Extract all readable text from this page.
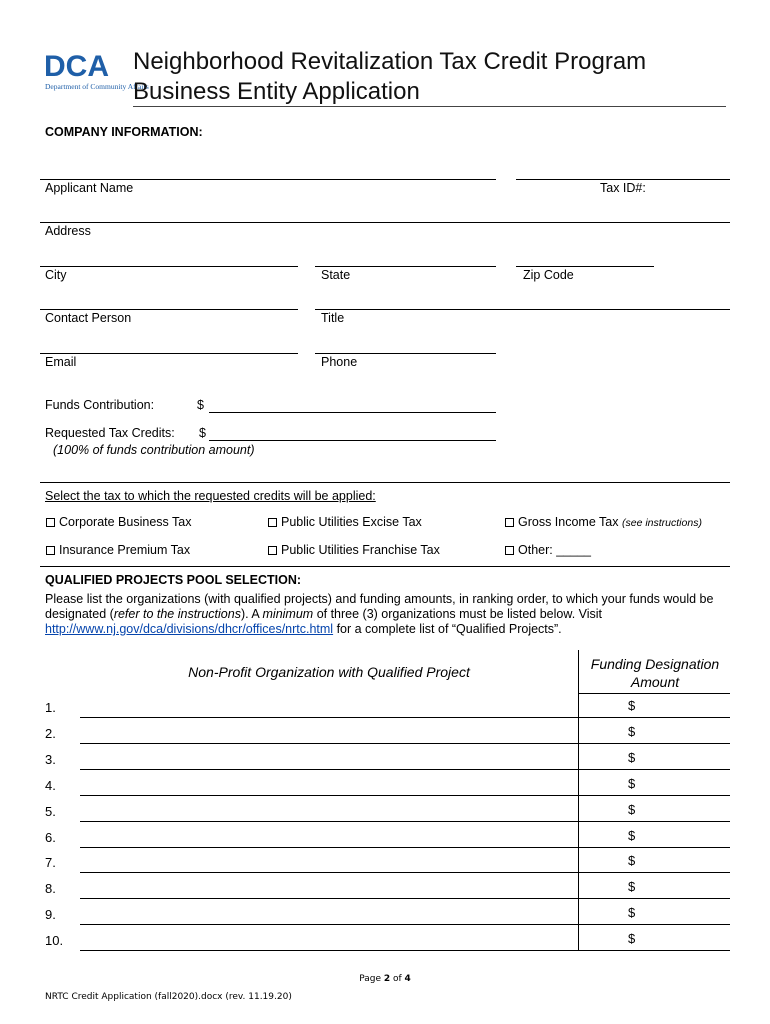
DCA
Department of Community Affairs
Neighborhood Revitalization Tax Credit Program
Business Entity Application
COMPANY INFORMATION:
Applicant Name	Tax ID#:
Address
City	State	Zip Code
Contact Person	Title
Email	Phone
Funds Contribution:	$
Requested Tax Credits: $
(100% of funds contribution amount)
Select the tax to which the requested credits will be applied:
Corporate Business Tax	Public Utilities Excise Tax	Gross Income Tax (see instructions)
Insurance Premium Tax	Public Utilities Franchise Tax	Other: _____
QUALIFIED PROJECTS POOL SELECTION:
Please list the organizations (with qualified projects) and funding amounts, in ranking order, to which your funds would be
designated (refer to the instructions). A minimum of three (3) organizations must be listed below. Visit
http://www.nj.gov/dca/divisions/dhcr/offices/nrtc.html for a complete list of “Qualified Projects”.
Non-Profit Organization with Qualified Project	Funding Designation
Amount
1.	$
2.	$
3.	$
4.	$
5.	$
6.	$
7.	$
8.	$
9.	$
10.	$
Page 2 of 4
NRTC Credit Application (fall2020).docx (rev. 11.19.20)
